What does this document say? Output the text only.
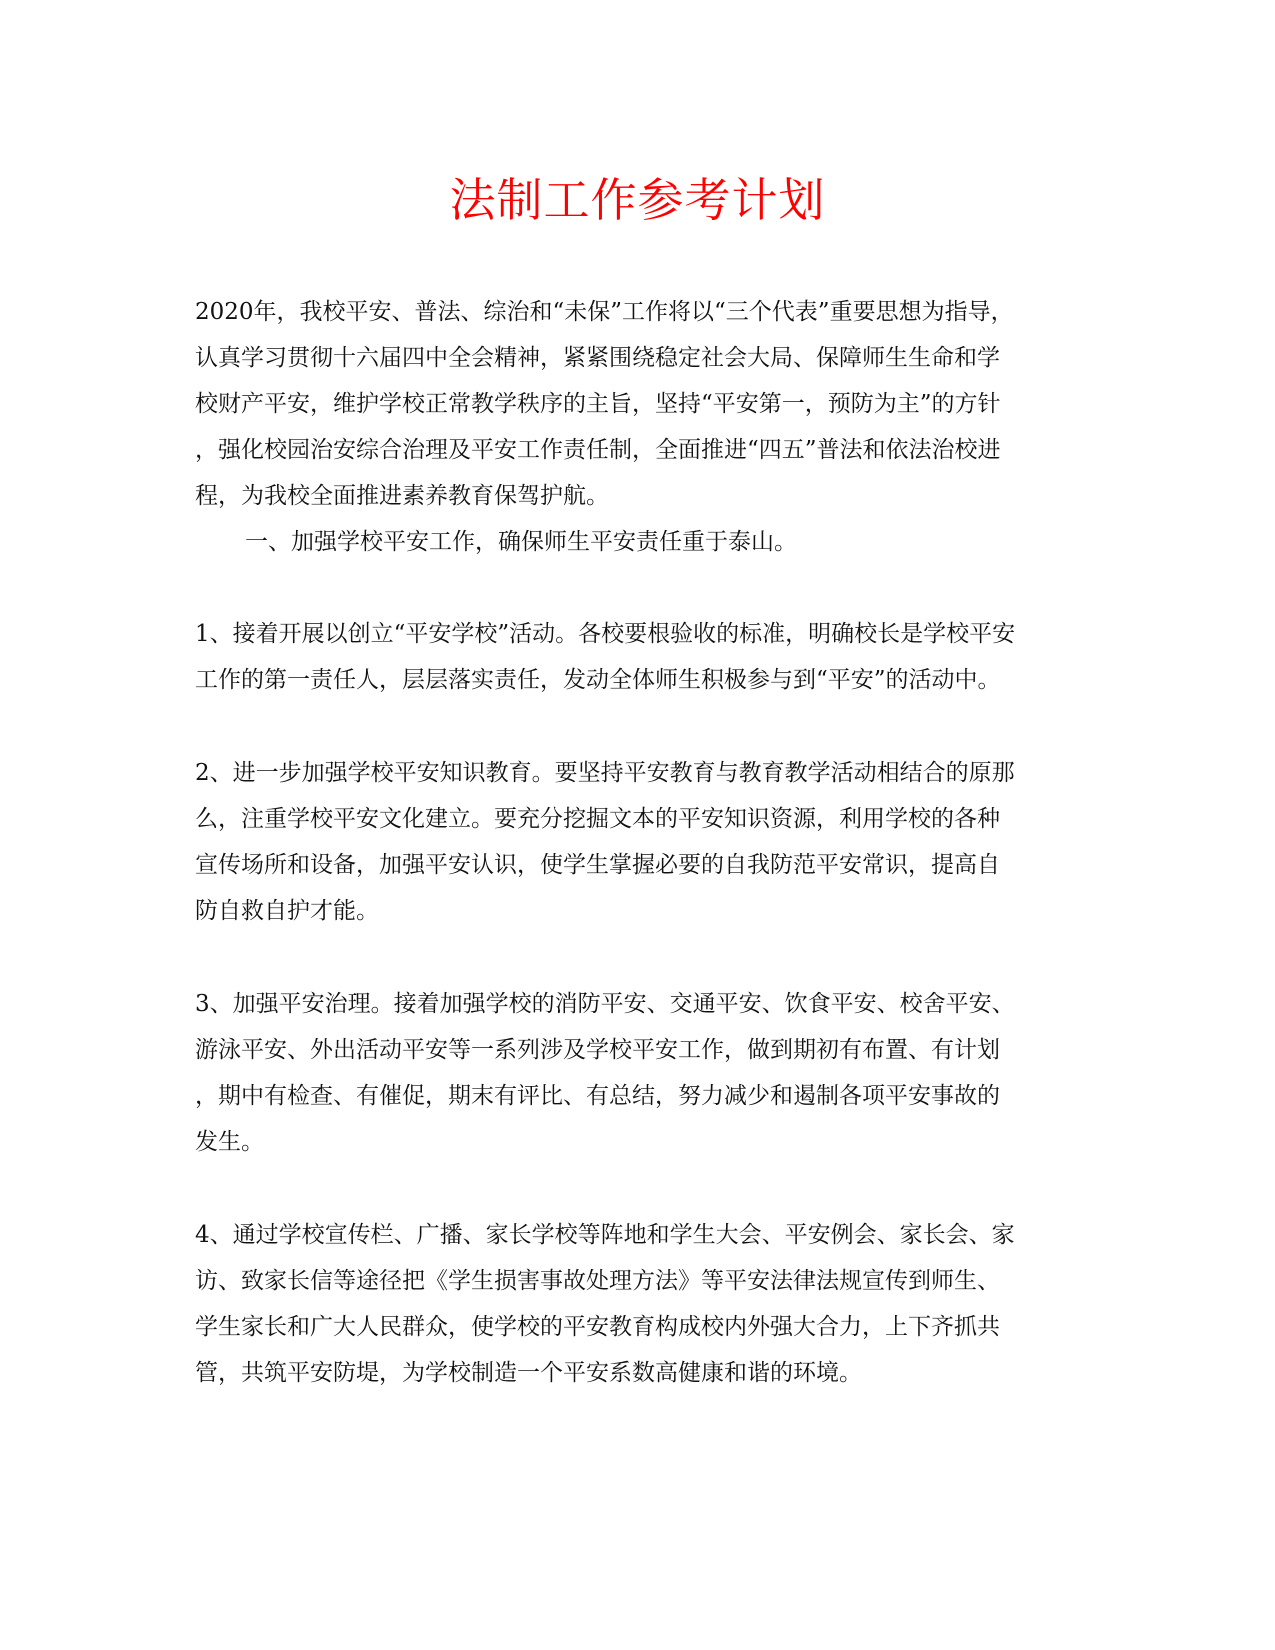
法制工作参考计划
2020年，我校平安、普法、综治和“未保”工作将以“三个代表”重要思想为指导，
认真学习贯彻十六届四中全会精神，紧紧围绕稳定社会大局、保障师生生命和学
校财产平安，维护学校正常教学秩序的主旨，坚持“平安第一，预防为主”的方针
，强化校园治安综合治理及平安工作责任制，全面推进“四五”普法和依法治校进
程，为我校全面推进素养教育保驾护航。
一、加强学校平安工作，确保师生平安责任重于泰山。
1、接着开展以创立“平安学校”活动。各校要根验收的标准，明确校长是学校平安
工作的第一责任人，层层落实责任，发动全体师生积极参与到“平安”的活动中。
2、进一步加强学校平安知识教育。要坚持平安教育与教育教学活动相结合的原那
么，注重学校平安文化建立。要充分挖掘文本的平安知识资源，利用学校的各种
宣传场所和设备，加强平安认识，使学生掌握必要的自我防范平安常识，提高自
防自救自护才能。
3、加强平安治理。接着加强学校的消防平安、交通平安、饮食平安、校舍平安、
游泳平安、外出活动平安等一系列涉及学校平安工作，做到期初有布置、有计划
，期中有检查、有催促，期末有评比、有总结，努力减少和遏制各项平安事故的
发生。
4、通过学校宣传栏、广播、家长学校等阵地和学生大会、平安例会、家长会、家
访、致家长信等途径把《学生损害事故处理方法》等平安法律法规宣传到师生、
学生家长和广大人民群众，使学校的平安教育构成校内外强大合力，上下齐抓共
管，共筑平安防堤，为学校制造一个平安系数高健康和谐的环境。
